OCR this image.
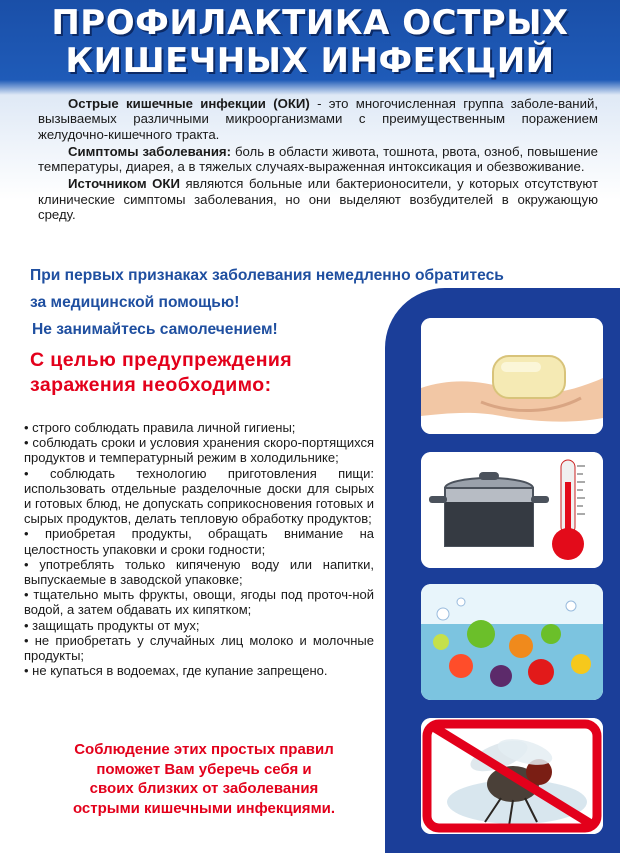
ПРОФИЛАКТИКА ОСТРЫХ
КИШЕЧНЫХ ИНФЕКЦИЙ

Острые кишечные инфекции (ОКИ) - это многочисленная группа заболе-ваний, вызываемых различными микроорганизмами с преимущественным поражением желудочно-кишечного тракта.

Симптомы заболевания: боль в области живота, тошнота, рвота, озноб, повышение температуры, диарея, а в тяжелых случаях-выраженная интоксикация и обезвоживание.

Источником ОКИ являются больные или бактерионосители, у которых отсутствуют клинические симптомы заболевания, но они выделяют возбудителей в окружающую среду.

При первых признаках заболевания немедленно обратитесь
за медицинской помощью!
Не занимайтесь самолечением!
С целью предупреждения
заражения необходимо:
• строго соблюдать правила личной гигиены;
• соблюдать сроки и условия хранения скоро-портящихся продуктов и температурный режим в холодильнике;
• соблюдать технологию приготовления пищи: использовать отдельные разделочные доски для сырых и готовых блюд, не допускать соприкосновения готовых и сырых продуктов, делать тепловую обработку продуктов;
• приобретая продукты, обращать внимание на целостность упаковки и сроки годности;
• употреблять только кипяченую воду или напитки, выпускаемые в заводской упаковке;
• тщательно мыть фрукты, овощи, ягоды под проточ-ной водой, а затем обдавать их кипятком;
• защищать продукты от мух;
• не приобретать у случайных лиц молоко и молочные продукты;
• не купаться в водоемах, где купание запрещено.
Соблюдение этих простых правил
поможет Вам уберечь себя и
своих близких от заболевания
острыми кишечными инфекциями.
